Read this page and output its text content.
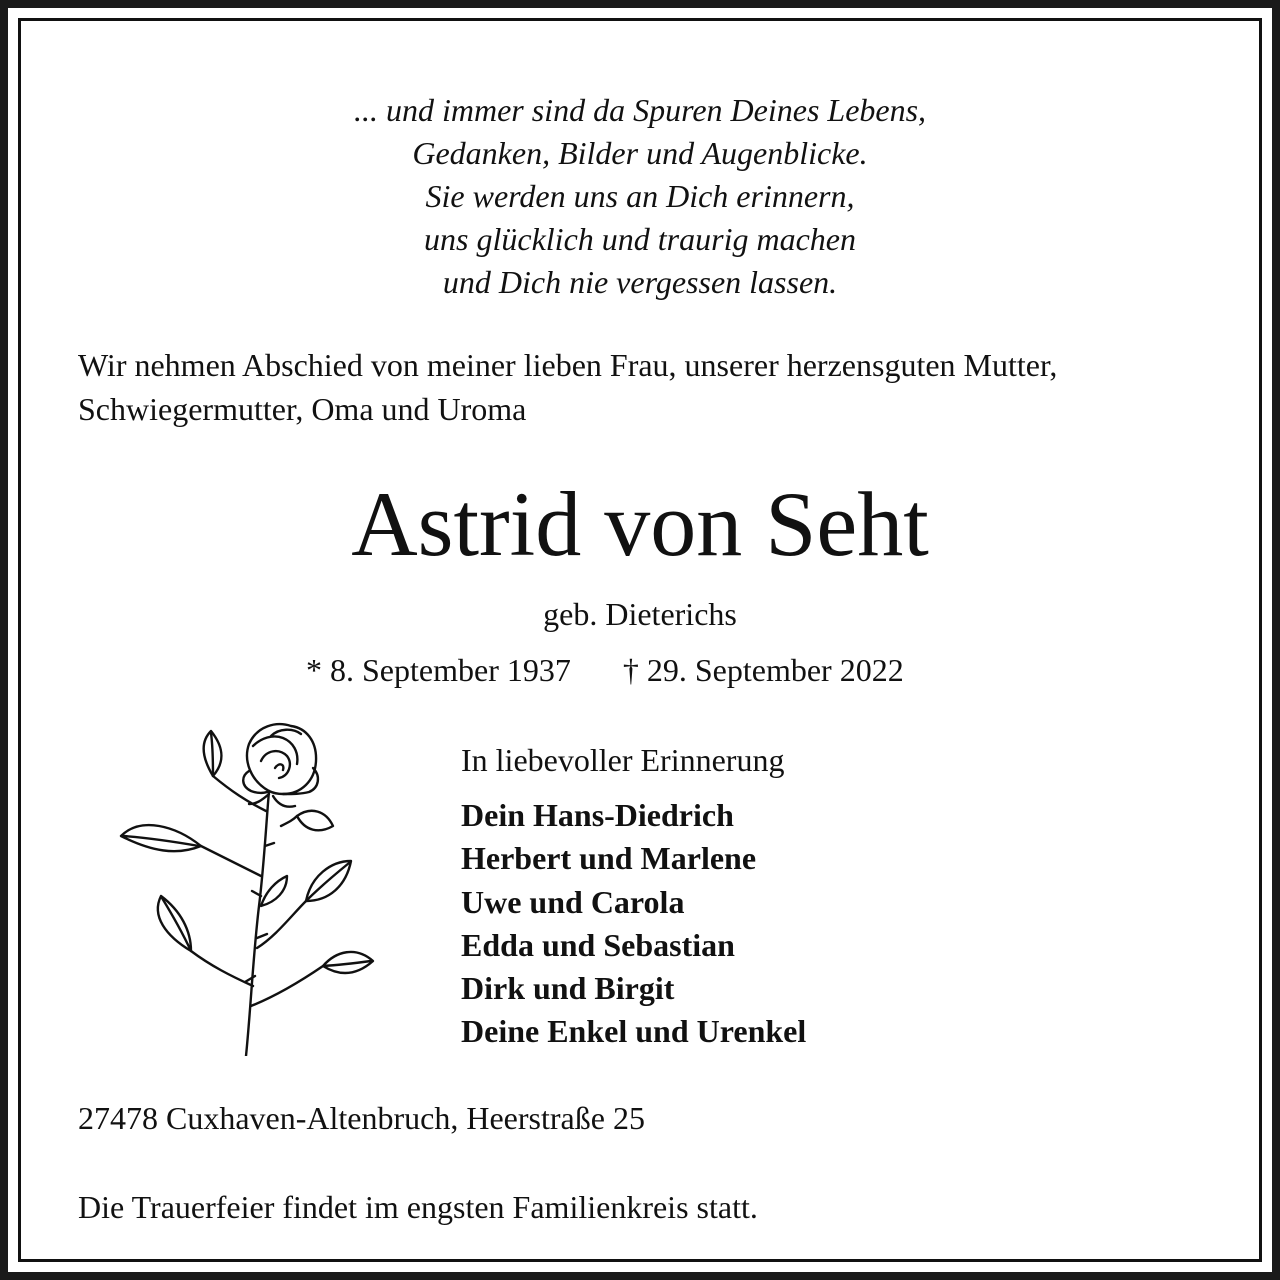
... und immer sind da Spuren Deines Lebens,
Gedanken, Bilder und Augenblicke.
Sie werden uns an Dich erinnern,
uns glücklich und traurig machen
und Dich nie vergessen lassen.
Wir nehmen Abschied von meiner lieben Frau, unserer herzensguten Mutter,
Schwiegermutter, Oma und Uroma
Astrid von Seht
geb. Dieterichs
* 8. September 1937 † 29. September 2022
In liebevoller Erinnerung
Dein Hans-Diedrich
Herbert und Marlene
Uwe und Carola
Edda und Sebastian
Dirk und Birgit
Deine Enkel und Urenkel
27478 Cuxhaven-Altenbruch, Heerstraße 25
Die Trauerfeier findet im engsten Familienkreis statt.
